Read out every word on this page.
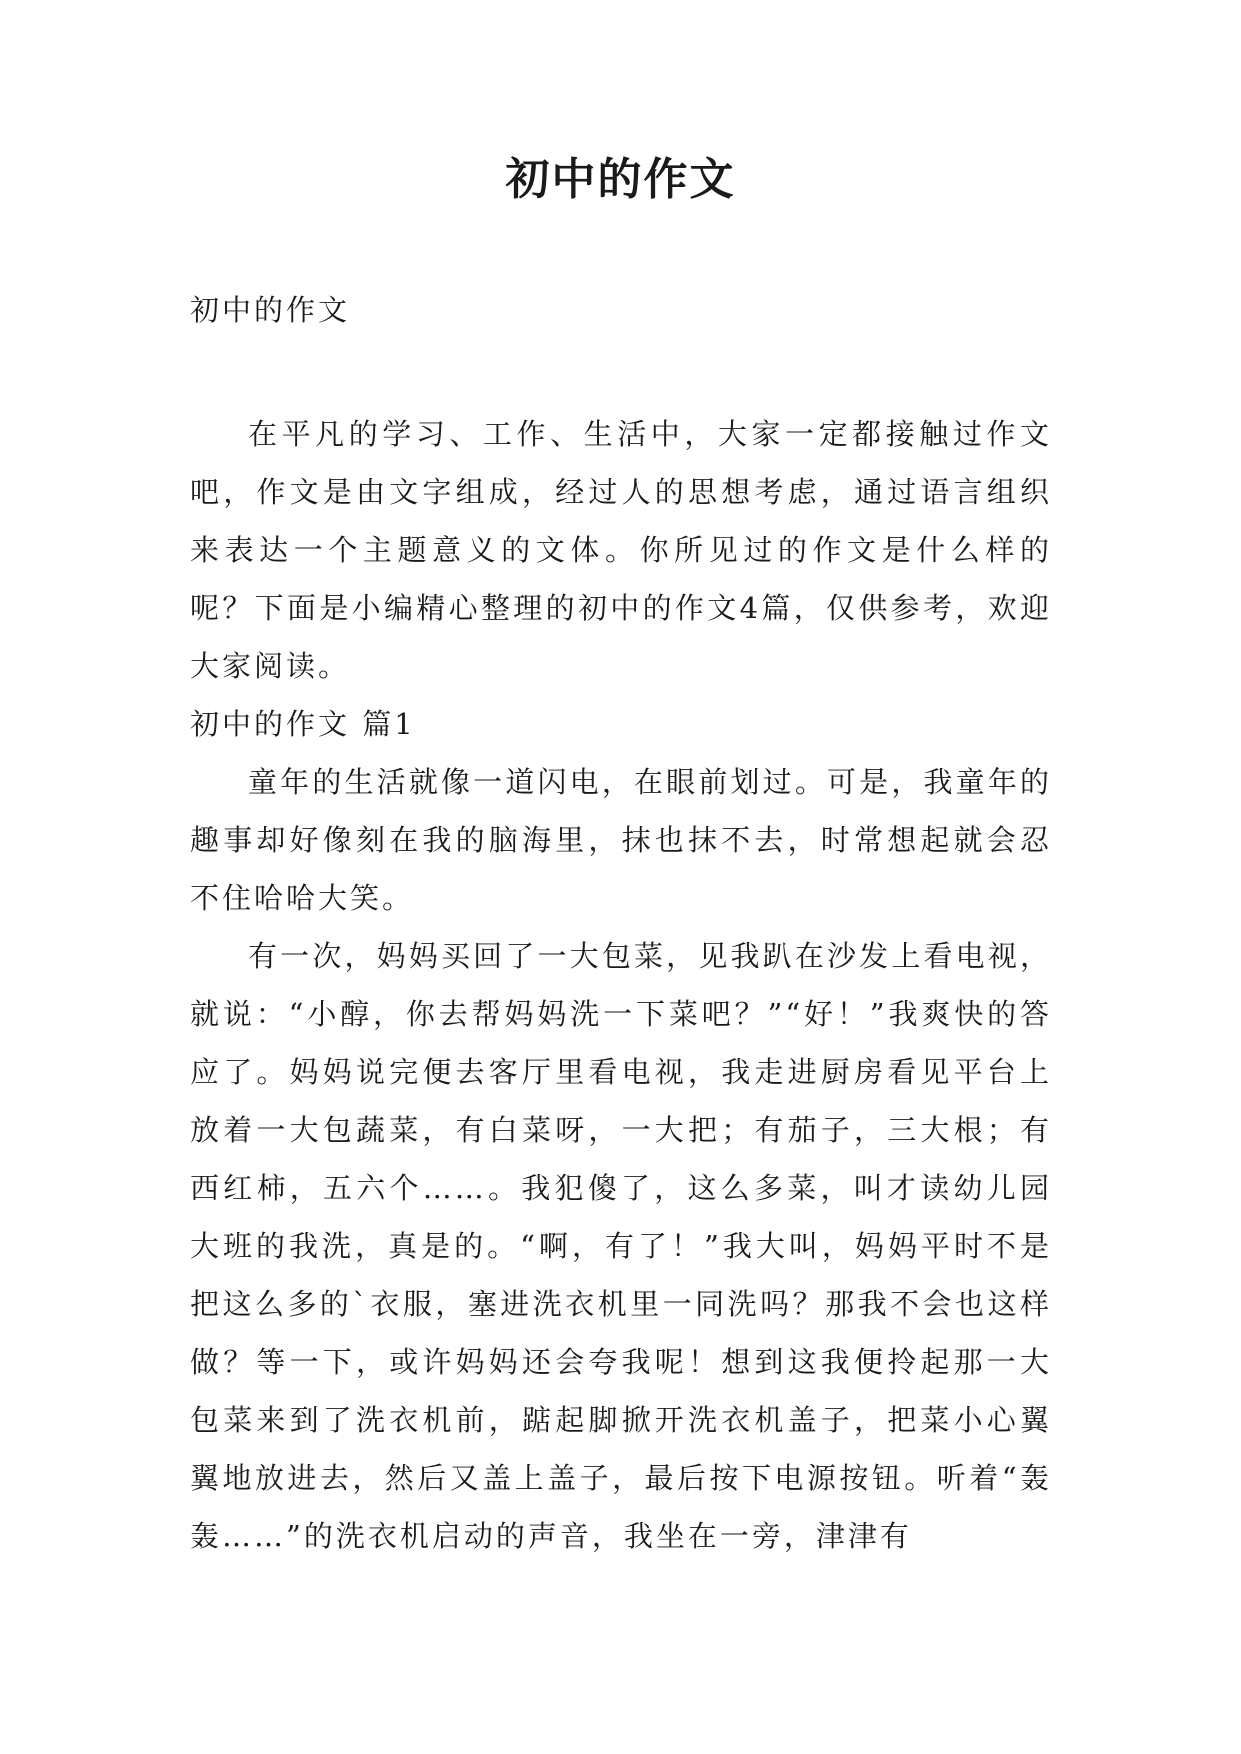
初中的作文

初中的作文

在平凡的学习、工作、生活中，大家一定都接触过作文吧，作文是由文字组成，经过人的思想考虑，通过语言组织来表达一个主题意义的文体。你所见过的作文是什么样的呢？下面是小编精心整理的初中的作文4篇，仅供参考，欢迎大家阅读。

初中的作文 篇1

童年的生活就像一道闪电，在眼前划过。可是，我童年的趣事却好像刻在我的脑海里，抹也抹不去，时常想起就会忍不住哈哈大笑。

有一次，妈妈买回了一大包菜，见我趴在沙发上看电视，就说：“小醇，你去帮妈妈洗一下菜吧？”“好！”我爽快的答应了。妈妈说完便去客厅里看电视，我走进厨房看见平台上放着一大包蔬菜，有白菜呀，一大把；有茄子，三大根；有西红柿，五六个……。我犯傻了，这么多菜，叫才读幼儿园大班的我洗，真是的。“啊，有了！”我大叫，妈妈平时不是把这么多的`衣服，塞进洗衣机里一同洗吗？那我不会也这样做？等一下，或许妈妈还会夸我呢！想到这我便拎起那一大包菜来到了洗衣机前，踮起脚掀开洗衣机盖子，把菜小心翼翼地放进去，然后又盖上盖子，最后按下电源按钮。听着“轰轰……”的洗衣机启动的声音，我坐在一旁，津津有
